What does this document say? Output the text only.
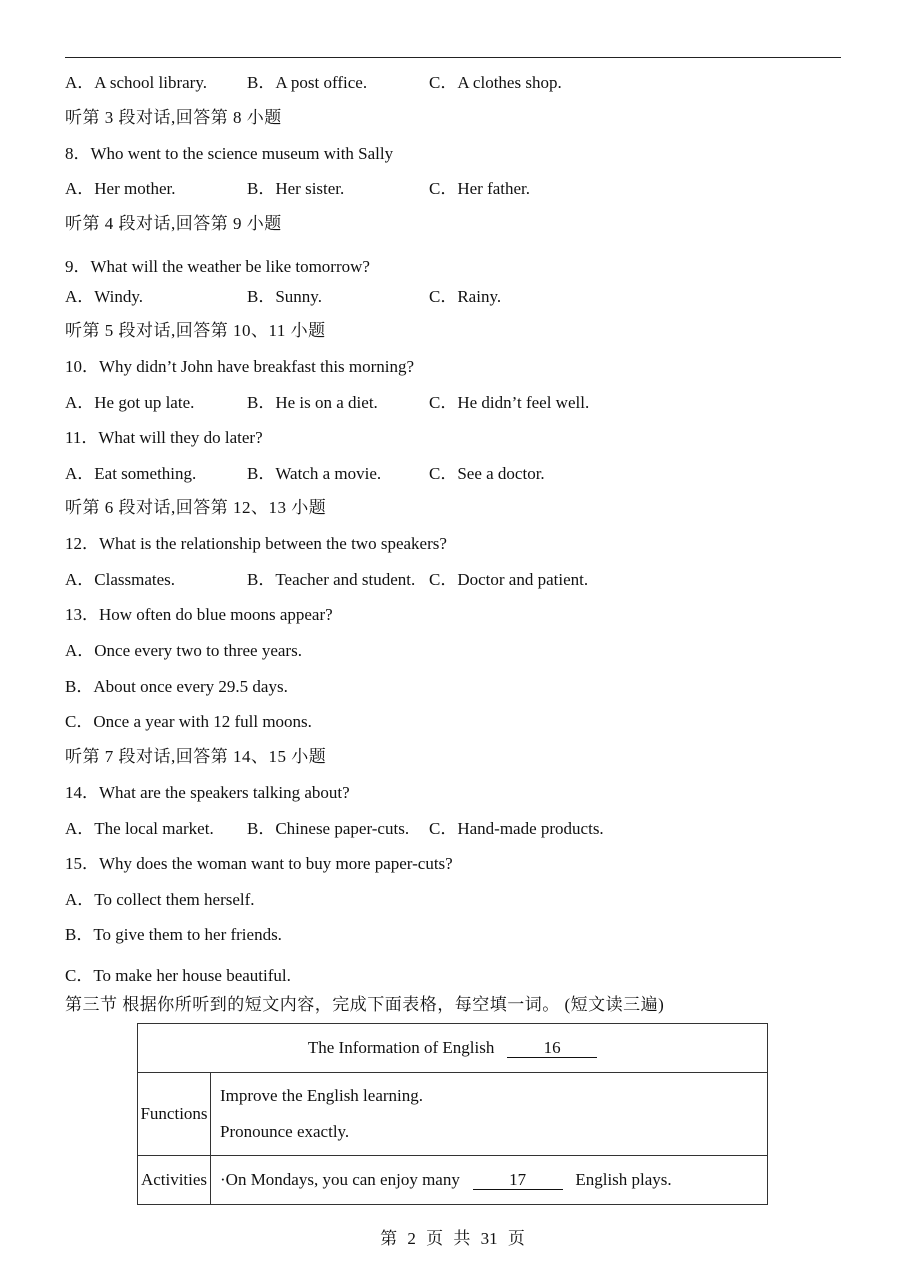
A．A school library. B．A post office.	C．A clothes shop.
听第 3 段对话,回答第 8 小题
8．Who went to the science museum with Sally
A．Her mother.	B．Her sister.	C．Her father.
听第 4 段对话,回答第 9 小题
9．What will the weather be like tomorrow?
A．Windy.	B．Sunny.	C．Rainy.
听第 5 段对话,回答第 10、11 小题
10．Why didn’t John have breakfast this morning?
A．He got up late.	B．He is on a diet.	C．He didn’t feel well.
11．What will they do later?
A．Eat something.	B．Watch a movie.	C．See a doctor.
听第 6 段对话,回答第 12、13 小题
12．What is the relationship between the two speakers?
A．Classmates.	B．Teacher and student. C．Doctor and patient.
13．How often do blue moons appear?
A．Once every two to three years.
B．About once every 29.5 days.
C．Once a year with 12 full moons.
听第 7 段对话,回答第 14、15 小题
14．What are the speakers talking about?
A．The local market. B．Chinese paper-cuts. C．Hand-made products.
15．Why does the woman want to buy more paper-cuts?
A．To collect them herself.
B．To give them to her friends.
C．To make her house beautiful.
第三节 根据你所听到的短文内容，完成下面表格，每空填一词。 (短文读三遍)
The Information of English 16	
Functions	Improve the English learning.
Pronounce exactly.

Activities	·On Mondays, you can enjoy many 17 English plays.
第 2 页 共 31 页
